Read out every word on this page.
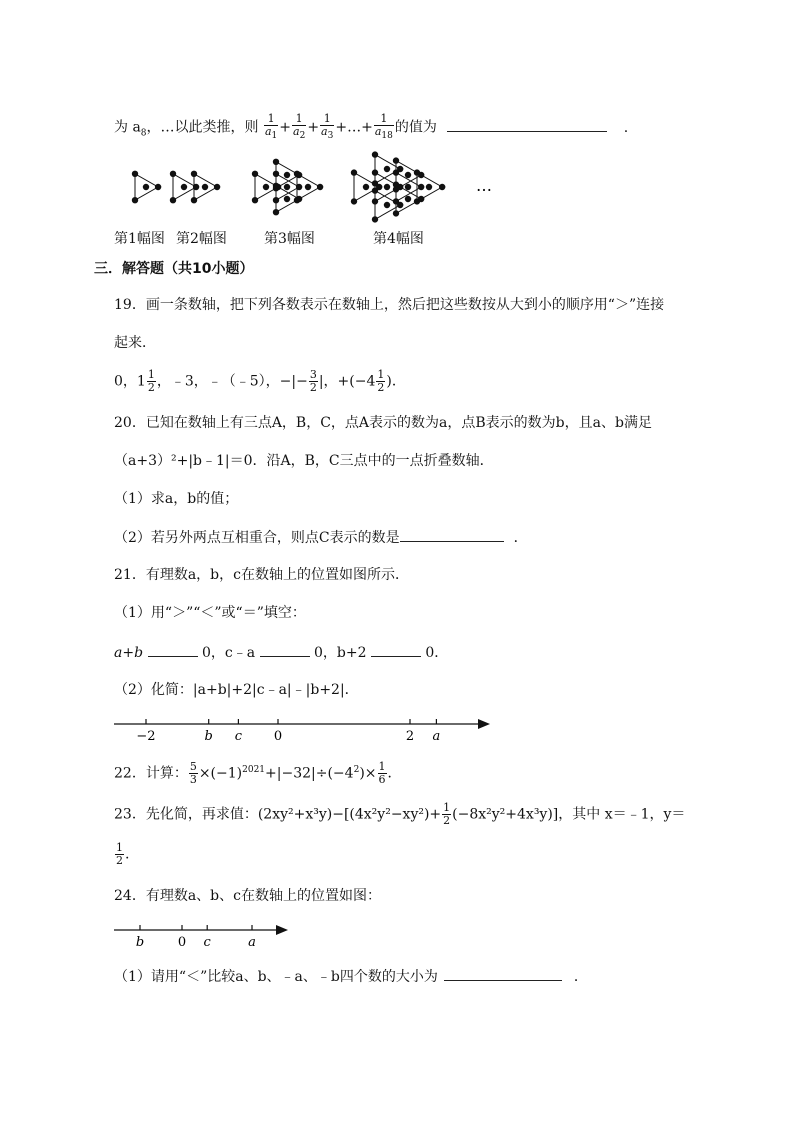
为 $a_8$，…以此类推，则 $\frac{1}{a_1} + \frac{1}{a_2} + \frac{1}{a_3}$ +…+ $\frac{1}{a_{18}}$ 的值为	.
…
第1幅图 第2幅图	第3幅图	第4幅图
三．解答题（共10小题）
19．画一条数轴，把下列各数表示在数轴上，然后把这些数按从大到小的顺序用“＞”连接
起来．
0，$1 \frac{1}{2}$ ，﹣3，﹣（﹣5），−|− $\frac{3}{2}$ |，$+(-4 \frac{1}{2}$ )．
20．已知在数轴上有三点A，B，C，点A表示的数为a，点B表示的数为b，且a、b满足
（a+3）²+|b﹣1|＝0．沿A，B，C三点中的一点折叠数轴．
（1）求a，b的值；
（2）若另外两点互相重合，则点C表示的数是	．
21．有理数a，b，c在数轴上的位置如图所示．
（1）用“＞”“＜”或“＝”填空：
a+b	0，c﹣a	0，b+2	0．
（2）化简：|a+b|+2|c﹣a|﹣|b+2|．
−2	b c 0	2 a
22．计算： $\frac{5}{3} \times(-1)^{2021}+|-32|\div(-4^2)\times \frac{1}{6}$ ．
23．先化简，再求值：$(2xy^2+x^3y)-[(4x^2y^2-xy^2)+ \frac{1}{2} (-8x^2y^2+4x^3y)]$，其中 x＝﹣1，y＝
$\frac{1}{2}$ .
24．有理数a、b、c在数轴上的位置如图：
b	0 c	a
（1）请用“＜”比较a、b、﹣a、﹣b四个数的大小为	．
